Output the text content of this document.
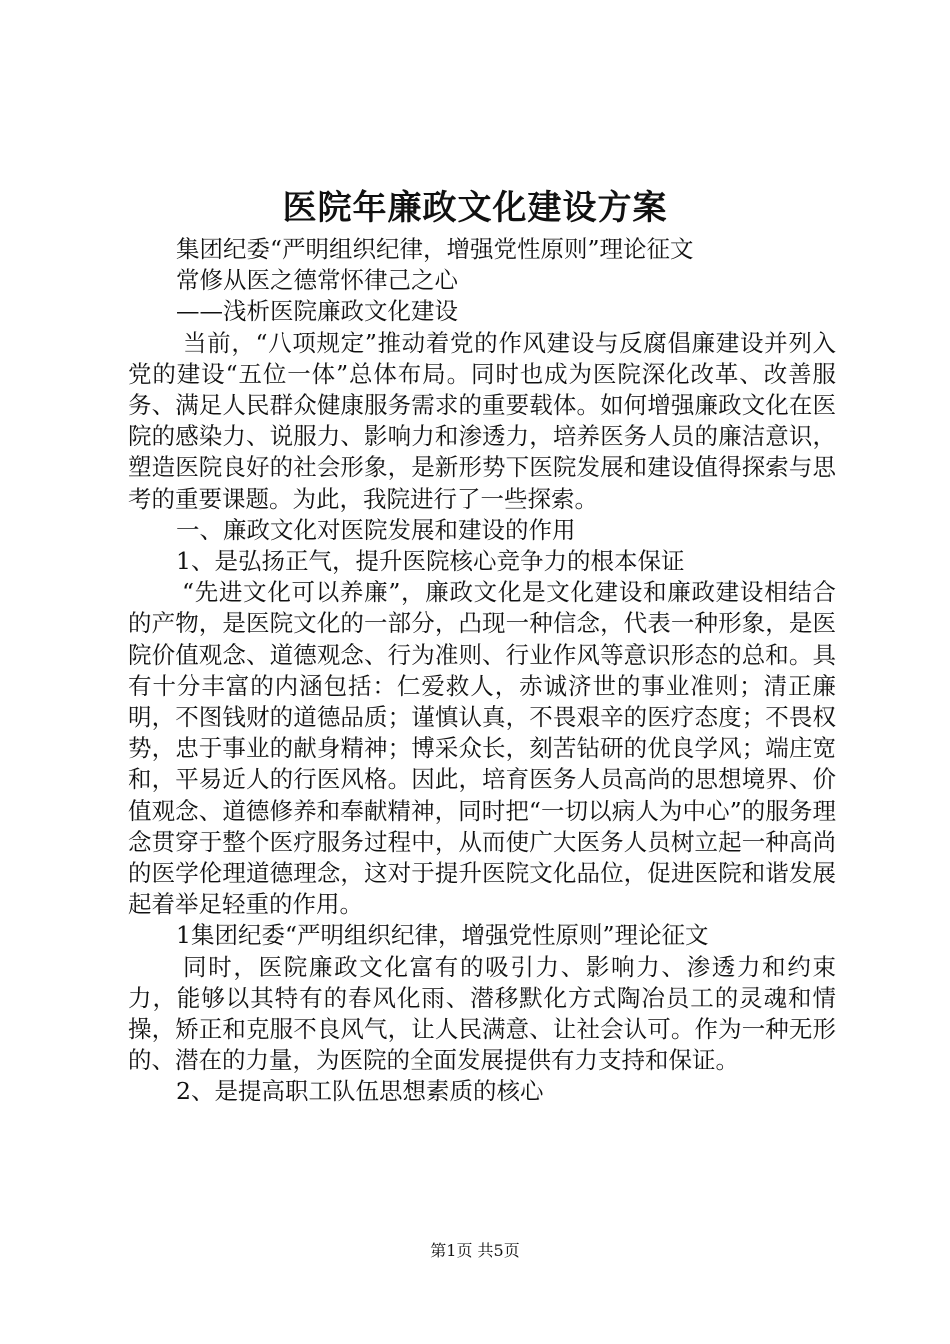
医院年廉政文化建设方案

集团纪委“严明组织纪律，增强党性原则”理论征文

常修从医之德常怀律己之心

——浅析医院廉政文化建设

当前，“八项规定”推动着党的作风建设与反腐倡廉建设并列入党的建设“五位一体”总体布局。同时也成为医院深化改革、改善服务、满足人民群众健康服务需求的重要载体。如何增强廉政文化在医院的感染力、说服力、影响力和渗透力，培养医务人员的廉洁意识，塑造医院良好的社会形象，是新形势下医院发展和建设值得探索与思考的重要课题。为此，我院进行了一些探索。

一、廉政文化对医院发展和建设的作用

1、是弘扬正气，提升医院核心竞争力的根本保证

“先进文化可以养廉”，廉政文化是文化建设和廉政建设相结合的产物，是医院文化的一部分，凸现一种信念，代表一种形象，是医院价值观念、道德观念、行为准则、行业作风等意识形态的总和。具有十分丰富的内涵包括：仁爱救人，赤诚济世的事业准则；清正廉明，不图钱财的道德品质；谨慎认真，不畏艰辛的医疗态度；不畏权势，忠于事业的献身精神；博采众长，刻苦钻研的优良学风；端庄宽和，平易近人的行医风格。因此，培育医务人员高尚的思想境界、价值观念、道德修养和奉献精神，同时把“一切以病人为中心”的服务理念贯穿于整个医疗服务过程中，从而使广大医务人员树立起一种高尚的医学伦理道德理念，这对于提升医院文化品位，促进医院和谐发展起着举足轻重的作用。

1集团纪委“严明组织纪律，增强党性原则”理论征文

同时，医院廉政文化富有的吸引力、影响力、渗透力和约束力，能够以其特有的春风化雨、潜移默化方式陶冶员工的灵魂和情操，矫正和克服不良风气，让人民满意、让社会认可。作为一种无形的、潜在的力量，为医院的全面发展提供有力支持和保证。

2、是提高职工队伍思想素质的核心

第1页 共5页
